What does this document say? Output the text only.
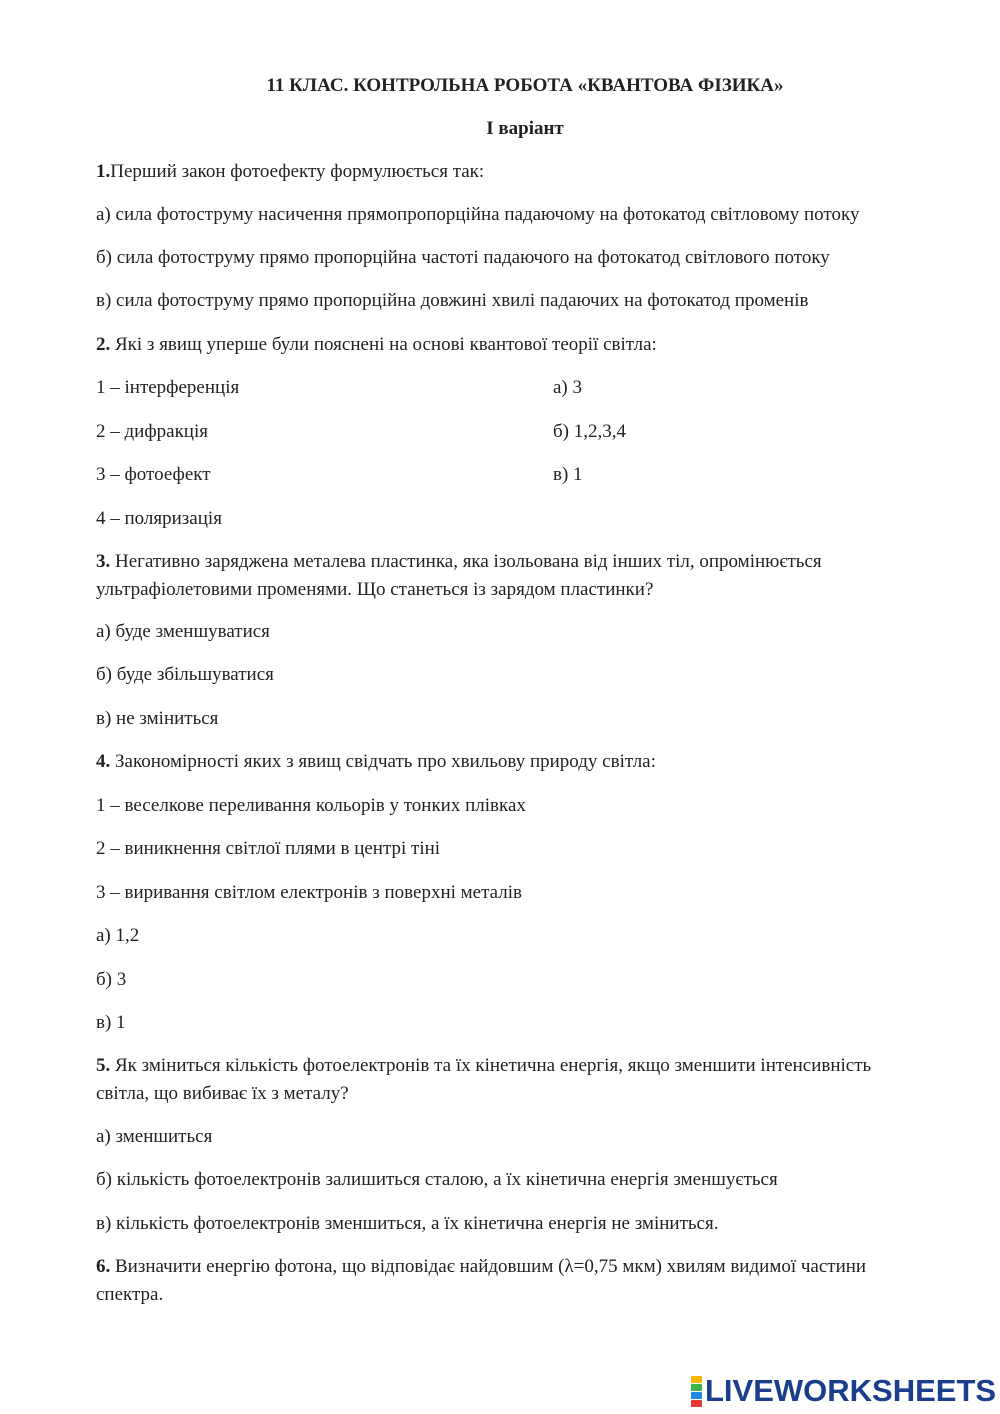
11 КЛАС. КОНТРОЛЬНА РОБОТА «КВАНТОВА ФІЗИКА»
І варіант
1.Перший закон фотоефекту формулюється так:
а) сила фотоструму насичення прямопропорційна падаючому на фотокатод світловому потоку
б) сила фотоструму прямо пропорційна частоті падаючого на фотокатод світлового потоку
в) сила фотоструму прямо пропорційна довжині хвилі падаючих на фотокатод променів
2. Які з явищ уперше були пояснені на основі квантової теорії світла:
1 – інтерференція	а) 3
2 – дифракція	б) 1,2,3,4
3 – фотоефект	в) 1
4 – поляризація
3. Негативно заряджена металева пластинка, яка ізольована від інших тіл, опромінюється ультрафіолетовими променями. Що станеться із зарядом пластинки?
а) буде зменшуватися
б) буде збільшуватися
в) не зміниться
4. Закономірності яких з явищ свідчать про хвильову природу світла:
1 – веселкове переливання кольорів у тонких плівках
2 – виникнення світлої плями в центрі тіні
3 – виривання світлом електронів з поверхні металів
а) 1,2
б) 3
в) 1
5. Як зміниться кількість фотоелектронів та їх кінетична енергія, якщо зменшити інтенсивність світла, що вибиває їх з металу?
а) зменшиться
б) кількість фотоелектронів залишиться сталою, а їх кінетична енергія зменшується
в) кількість фотоелектронів зменшиться, а їх кінетична енергія не зміниться.
6. Визначити енергію фотона, що відповідає найдовшим (λ=0,75 мкм) хвилям видимої частини спектра.
LIVEWORKSHEETS
